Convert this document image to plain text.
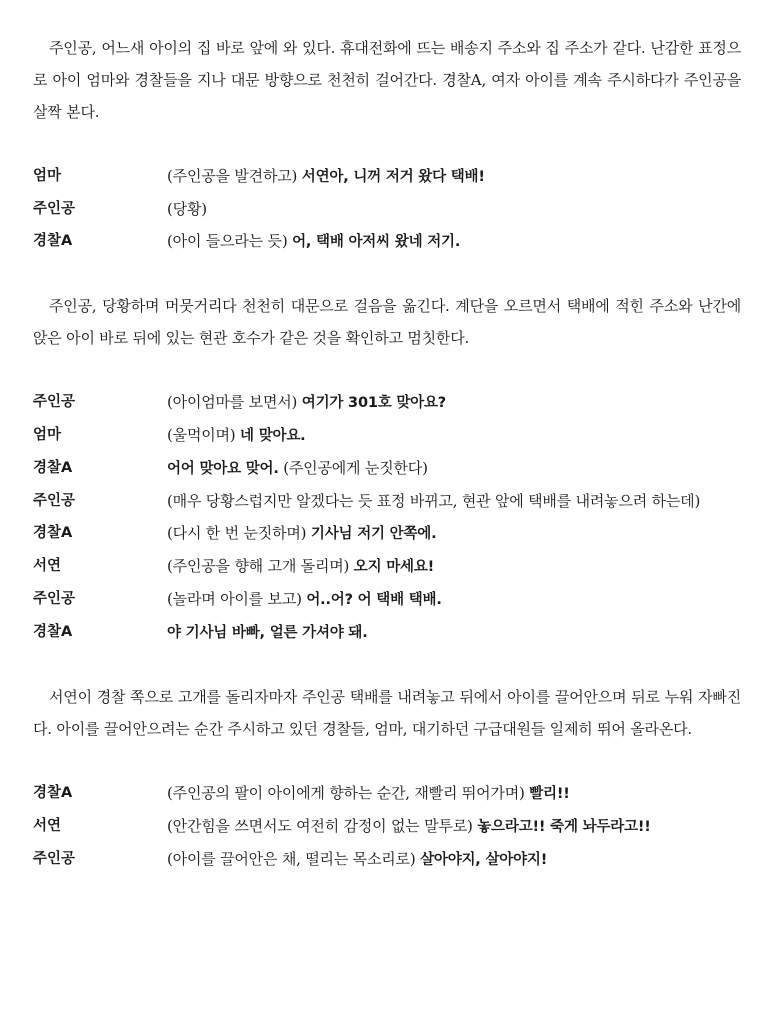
주인공, 어느새 아이의 집 바로 앞에 와 있다. 휴대전화에 뜨는 배송지 주소와 집 주소가 같다. 난감한 표정으로 아이 엄마와 경찰들을 지나 대문 방향으로 천천히 걸어간다. 경찰A, 여자 아이를 계속 주시하다가 주인공을 살짝 본다.

엄마	(주인공을 발견하고) 서연아, 니꺼 저거 왔다 택배!
주인공	(당황)
경찰A	(아이 들으라는 듯) 어, 택배 아저씨 왔네 저기.

주인공, 당황하며 머뭇거리다 천천히 대문으로 걸음을 옮긴다. 계단을 오르면서 택배에 적힌 주소와 난간에 앉은 아이 바로 뒤에 있는 현관 호수가 같은 것을 확인하고 멈칫한다.

주인공	(아이엄마를 보면서) 여기가 301호 맞아요?
엄마	(울먹이며) 네 맞아요.
경찰A	어어 맞아요 맞어. (주인공에게 눈짓한다)
주인공	(매우 당황스럽지만 알겠다는 듯 표정 바뀌고, 현관 앞에 택배를 내려놓으려 하는데)
경찰A	(다시 한 번 눈짓하며) 기사님 저기 안쪽에.
서연	(주인공을 향해 고개 돌리며) 오지 마세요!
주인공	(놀라며 아이를 보고) 어..어? 어 택배 택배.
경찰A	야 기사님 바빠, 얼른 가셔야 돼.

서연이 경찰 쪽으로 고개를 돌리자마자 주인공 택배를 내려놓고 뒤에서 아이를 끌어안으며 뒤로 누워 자빠진다. 아이를 끌어안으려는 순간 주시하고 있던 경찰들, 엄마, 대기하던 구급대원들 일제히 뛰어 올라온다.

경찰A	(주인공의 팔이 아이에게 향하는 순간, 재빨리 뛰어가며) 빨리!!
서연	(안간힘을 쓰면서도 여전히 감정이 없는 말투로) 놓으라고!! 죽게 놔두라고!!
주인공	(아이를 끌어안은 채, 떨리는 목소리로) 살아야지, 살아야지!
